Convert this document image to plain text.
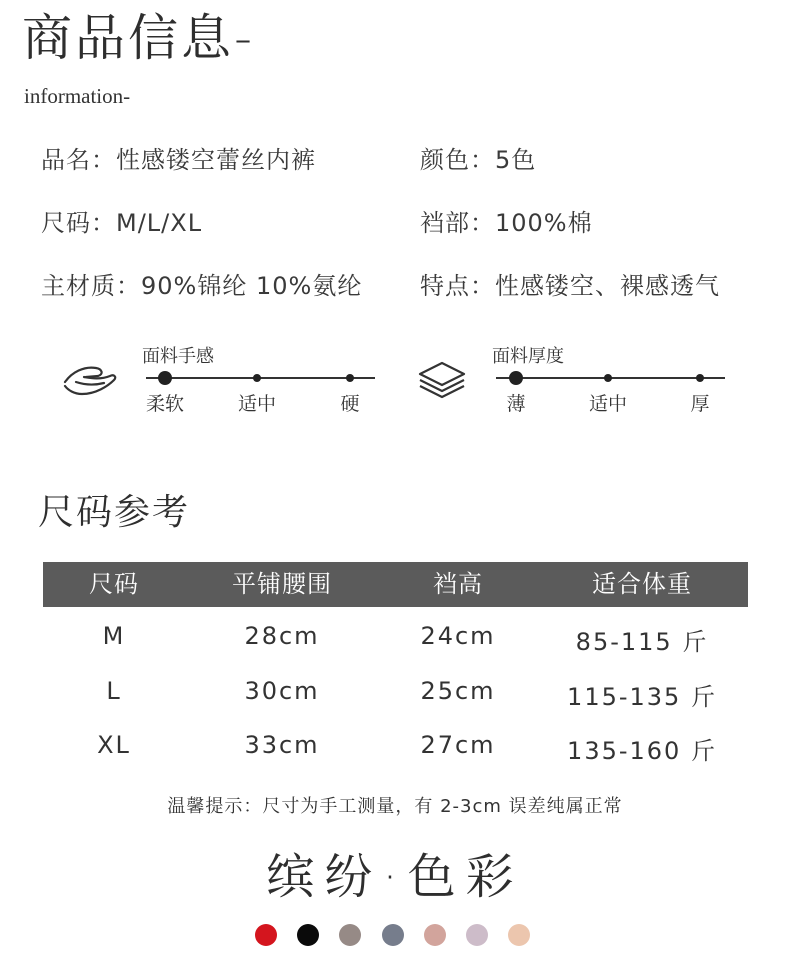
商品信息-
information-
品名：性感镂空蕾丝内裤	颜色：5色
尺码：M/L/XL	裆部：100%棉
主材质：90%锦纶 10%氨纶 特点：性感镂空、裸感透气
面料手感
柔软	适中	硬
面料厚度
薄	适中	厚
尺码参考
尺码	平铺腰围	裆高	适合体重
M	28cm	24cm	85-115 斤
L	30cm	25cm	115-135 斤
XL	33cm	27cm	135-160 斤
温馨提示：尺寸为手工测量，有 2-3cm 误差纯属正常
缤纷·色彩
